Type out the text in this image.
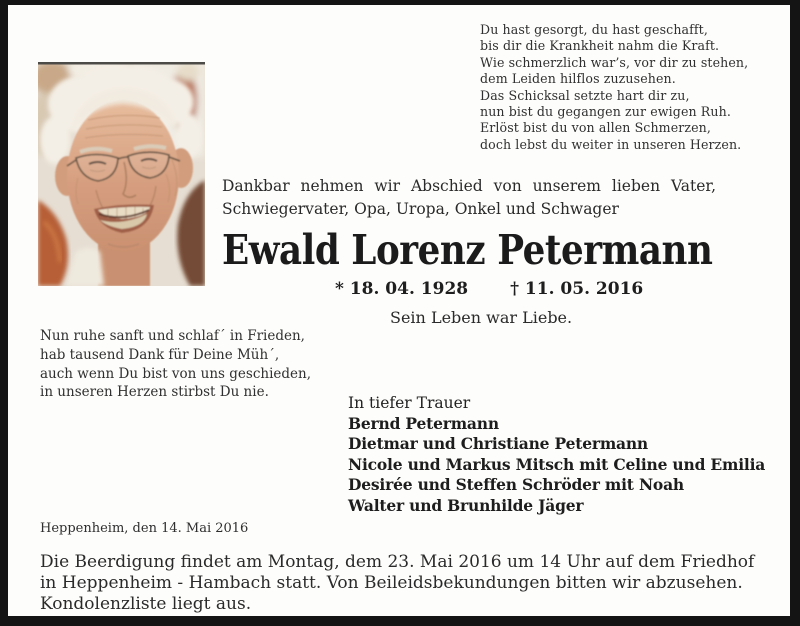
Du hast gesorgt, du hast geschafft,
bis dir die Krankheit nahm die Kraft.
Wie schmerzlich war’s, vor dir zu stehen,
dem Leiden hilflos zuzusehen.
Das Schicksal setzte hart dir zu,
nun bist du gegangen zur ewigen Ruh.
Erlöst bist du von allen Schmerzen,
doch lebst du weiter in unseren Herzen.
Dankbar nehmen wir Abschied von unserem lieben Vater,
Schwiegervater, Opa, Uropa, Onkel und Schwager
Ewald Lorenz Petermann
* 18. 04. 1928 † 11. 05. 2016
Sein Leben war Liebe.
Nun ruhe sanft und schlaf´ in Frieden,
hab tausend Dank für Deine Müh´,
auch wenn Du bist von uns geschieden,
in unseren Herzen stirbst Du nie.
In tiefer Trauer
Bernd Petermann
Dietmar und Christiane Petermann
Nicole und Markus Mitsch mit Celine und Emilia
Desirée und Steffen Schröder mit Noah
Walter und Brunhilde Jäger
Heppenheim, den 14. Mai 2016
Die Beerdigung findet am Montag, dem 23. Mai 2016 um 14 Uhr auf dem Friedhof
in Heppenheim - Hambach statt. Von Beileidsbekundungen bitten wir abzusehen.
Kondolenzliste liegt aus.
